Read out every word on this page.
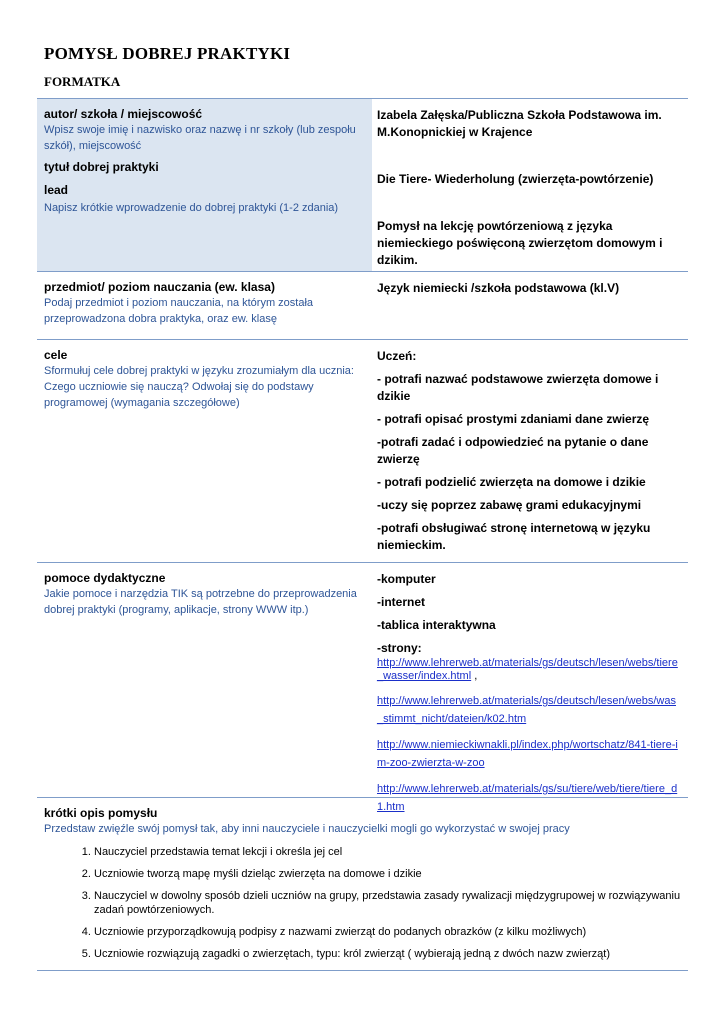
POMYSŁ DOBREJ PRAKTYKI
FORMATKA
autor/ szkoła / miejscowość
Wpisz swoje imię i nazwisko oraz nazwę i nr szkoły (lub zespołu szkół), miejscowość
tytuł dobrej praktyki
lead
Napisz krótkie wprowadzenie do dobrej praktyki (1-2 zdania)
Izabela Załęska/Publiczna Szkoła Podstawowa im. M.Konopnickiej w Krajence
Die Tiere- Wiederholung (zwierzęta-powtórzenie)
Pomysł na lekcję powtórzeniową z języka niemieckiego poświęconą zwierzętom domowym i dzikim.
przedmiot/ poziom nauczania (ew. klasa)
Podaj przedmiot i poziom nauczania, na którym została przeprowadzona dobra praktyka, oraz ew. klasę
Język niemiecki /szkoła podstawowa (kl.V)
cele
Sformułuj cele dobrej praktyki w języku zrozumiałym dla ucznia: Czego uczniowie się nauczą? Odwołaj się do podstawy programowej (wymagania szczegółowe)
Uczeń:
- potrafi nazwać podstawowe zwierzęta domowe i dzikie
- potrafi opisać prostymi zdaniami dane zwierzę
-potrafi zadać i odpowiedzieć na pytanie o dane zwierzę
- potrafi podzielić zwierzęta na domowe i dzikie
-uczy się poprzez zabawę grami edukacyjnymi
-potrafi obsługiwać stronę internetową w języku niemieckim.
pomoce dydaktyczne
Jakie pomoce i narzędzia TIK są potrzebne do przeprowadzenia dobrej praktyki (programy, aplikacje, strony WWW itp.)
-komputer
-internet
-tablica interaktywna
-strony:
http://www.lehrerweb.at/materials/gs/deutsch/lesen/webs/tiere_wasser/index.html ,
http://www.lehrerweb.at/materials/gs/deutsch/lesen/webs/was_stimmt_nicht/dateien/k02.htm
http://www.niemieckiwnakli.pl/index.php/wortschatz/841-tiere-im-zoo-zwierzta-w-zoo
http://www.lehrerweb.at/materials/gs/su/tiere/web/tiere/tiere_d1.htm
krótki opis pomysłu
Przedstaw zwięźle swój pomysł tak, aby inni nauczyciele i nauczycielki mogli go wykorzystać w swojej pracy
1. Nauczyciel przedstawia temat lekcji i określa jej cel
2. Uczniowie tworzą mapę myśli dzieląc zwierzęta na domowe i dzikie
3. Nauczyciel w dowolny sposób dzieli uczniów na grupy, przedstawia zasady rywalizacji międzygrupowej w rozwiązywaniu zadań powtórzeniowych.
4. Uczniowie przyporządkowują podpisy z nazwami zwierząt do podanych obrazków (z kilku możliwych)
5. Uczniowie rozwiązują zagadki o zwierzętach, typu: król zwierząt ( wybierają jedną z dwóch nazw zwierząt)
